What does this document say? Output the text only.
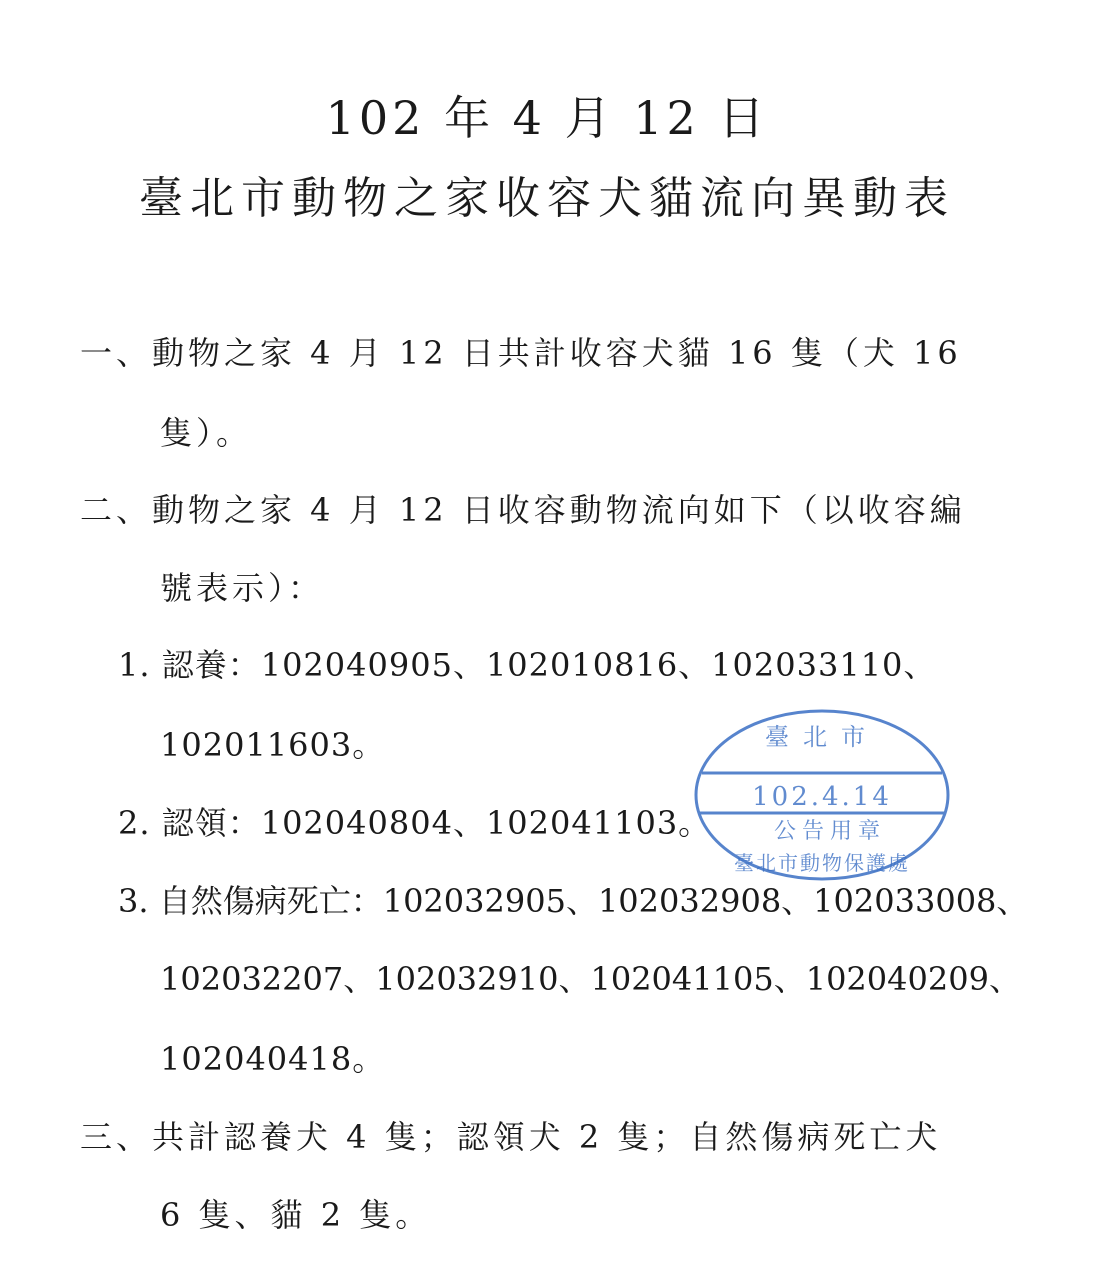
102 年 4 月 12 日
臺北市動物之家收容犬貓流向異動表
一、動物之家 4 月 12 日共計收容犬貓 16 隻（犬 16
隻）。
二、動物之家 4 月 12 日收容動物流向如下（以收容編
號表示）：
1. 認養：102040905、102010816、102033110、
102011603。
2. 認領：102040804、102041103。
3. 自然傷病死亡：102032905、102032908、102033008、
102032207、102032910、102041105、102040209、
102040418。
三、共計認養犬 4 隻；認領犬 2 隻；自然傷病死亡犬
6 隻、貓 2 隻。
臺北市
102.4.14
公告用章
臺北市動物保護處
